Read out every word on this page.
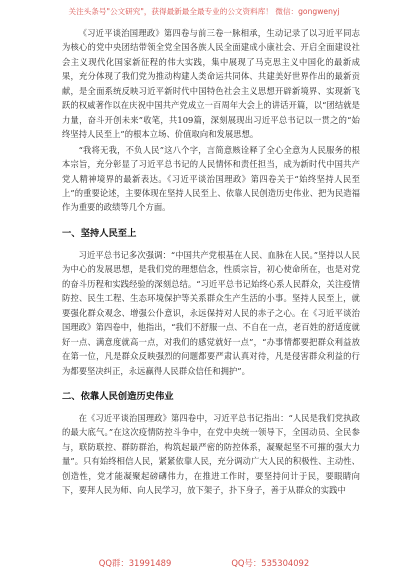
关注头条号"公文研究"，获得最新最全最专业的公文资料库！ 微信：gongwenyj

《习近平谈治国理政》第四卷与前三卷一脉相承，生动记录了以习近平同志为核心的党中央团结带领全党全国各族人民全面建成小康社会、开启全面建设社会主义现代化国家新征程的伟大实践，集中展现了马克思主义中国化的最新成果，充分体现了我们党为推动构建人类命运共同体、共建美好世界作出的最新贡献，是全面系统反映习近平新时代中国特色社会主义思想开辟新境界、实现新飞跃的权威著作以在庆祝中国共产党成立一百周年大会上的讲话开篇，以“团结就是力量，奋斗开创未来”收笔，共109篇，深刻展现出习近平总书记以一贯之的“始终坚持人民至上”的根本立场、价值取向和发展思想。

“我将无我，不负人民”这八个字，言简意赅诠释了全心全意为人民服务的根本宗旨，充分彰显了习近平总书记的人民情怀和责任担当，成为新时代中国共产党人精神境界的最新表达。《习近平谈治国理政》第四卷关于“始终坚持人民至上”的重要论述，主要体现在坚持人民至上、依靠人民创造历史伟业、把为民造福作为重要的政绩等几个方面。

一、坚持人民至上

习近平总书记多次强调：“中国共产党根基在人民、血脉在人民。”坚持以人民为中心的发展思想，是我们党的理想信念，性质宗旨，初心使命所在，也是对党的奋斗历程和实践经验的深刻总结。“习近平总书记始终心系人民群众，关注疫情防控、民生工程、生态环境保护等关系群众生产生活的小事。坚持人民至上，就要强化群众观念、增强公仆意识，永远保持对人民的赤子之心。在《习近平谈治国理政》第四卷中，他指出，“我们不舒服一点、不自在一点，老百姓的舒适度就好一点、满意度就高一点，对我们的感觉就好一点”，“办事情都要把群众利益放在第一位，凡是群众反映强烈的问题都要严肃认真对待，凡是侵害群众利益的行为都要坚决纠正，永远赢得人民群众信任和拥护”。

二、依靠人民创造历史伟业

在《习近平谈治国理政》第四卷中，习近平总书记指出：“人民是我们党执政的最大底气。”在这次疫情防控斗争中，在党中央统一领导下，全国动员、全民参与，联防联控、群防群治，构筑起最严密的防控体系，凝聚起坚不可摧的强大力量”。只有始终相信人民，紧紧依靠人民，充分调动广大人民的积极性、主动性、创造性，党才能凝聚起磅礴伟力，在推进工作时，要坚持问计于民，要眼睛向下，要拜人民为师、向人民学习，放下架子，扑下身子，善于从群众的实践中

QQ群：31991489	QQ号：535304092
